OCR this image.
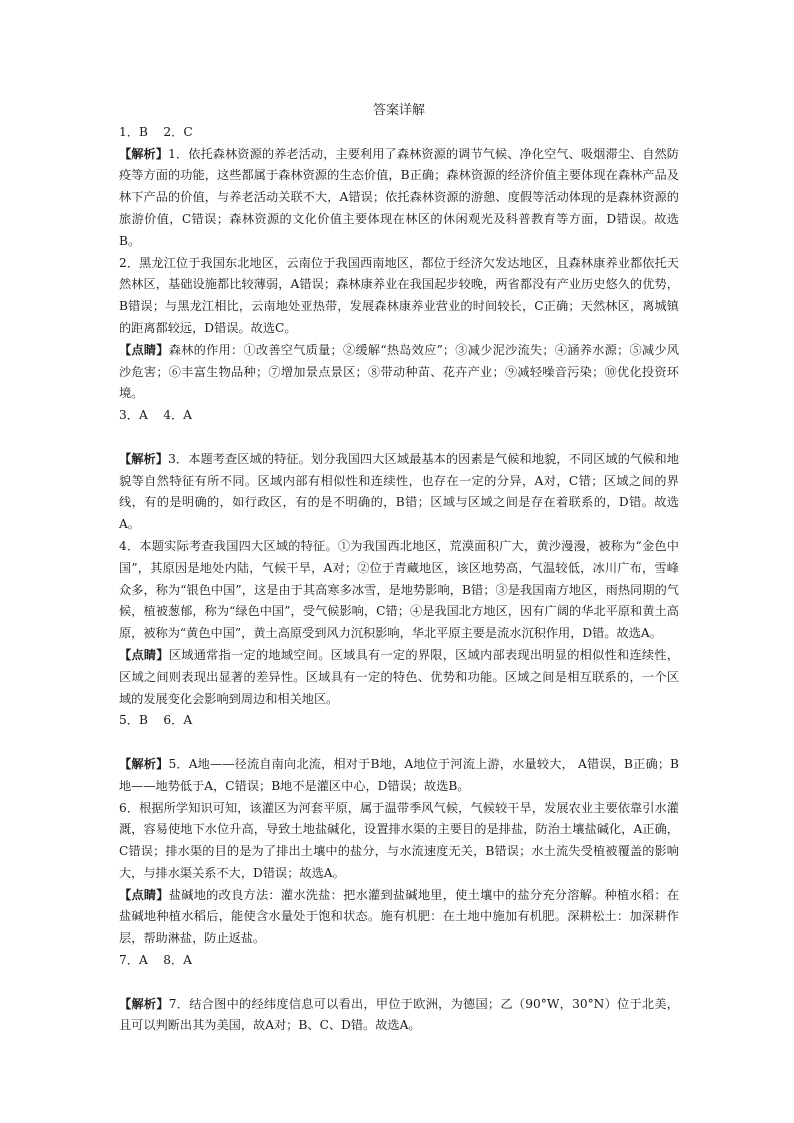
答案详解

1．B    2．C

【解析】1．依托森林资源的养老活动，主要利用了森林资源的调节气候、净化空气、吸烟滞尘、自然防疫等方面的功能，这些都属于森林资源的生态价值，B正确；森林资源的经济价值主要体现在森林产品及林下产品的价值，与养老活动关联不大，A错误；依托森林资源的游憩、度假等活动体现的是森林资源的旅游价值，C错误；森林资源的文化价值主要体现在林区的休闲观光及科普教育等方面，D错误。故选B。

2．黑龙江位于我国东北地区，云南位于我国西南地区，都位于经济欠发达地区，且森林康养业都依托天然林区，基础设施都比较薄弱，A错误；森林康养业在我国起步较晚，两省都没有产业历史悠久的优势，B错误；与黑龙江相比，云南地处亚热带，发展森林康养业营业的时间较长，C正确；天然林区，离城镇的距离都较远，D错误。故选C。

【点睛】森林的作用：①改善空气质量；②缓解“热岛效应”；③减少泥沙流失；④涵养水源；⑤减少风沙危害；⑥丰富生物品种；⑦增加景点景区；⑧带动种苗、花卉产业；⑨减轻噪音污染；⑩优化投资环境。

3．A    4．A

【解析】3．本题考查区域的特征。划分我国四大区域最基本的因素是气候和地貌，不同区域的气候和地貌等自然特征有所不同。区域内部有相似性和连续性，也存在一定的分异，A对，C错；区域之间的界线，有的是明确的，如行政区，有的是不明确的，B错；区域与区域之间是存在着联系的，D错。故选A。

4．本题实际考查我国四大区域的特征。①为我国西北地区，荒漠面积广大，黄沙漫漫，被称为“金色中国”，其原因是地处内陆，气候干旱，A对；②位于青藏地区，该区地势高，气温较低，冰川广布，雪峰众多，称为“银色中国”，这是由于其高寒多冰雪，是地势影响，B错；③是我国南方地区，雨热同期的气候，植被葱郁，称为“绿色中国”，受气候影响，C错；④是我国北方地区，因有广阔的华北平原和黄土高原，被称为“黄色中国”，黄土高原受到风力沉积影响，华北平原主要是流水沉积作用，D错。故选A。

【点睛】区域通常指一定的地域空间。区域具有一定的界限，区域内部表现出明显的相似性和连续性，区域之间则表现出显著的差异性。区域具有一定的特色、优势和功能。区域之间是相互联系的，一个区域的发展变化会影响到周边和相关地区。

5．B    6．A

【解析】5．A地——径流自南向北流，相对于B地，A地位于河流上游，水量较大， A错误，B正确；B地——地势低于A，C错误；B地不是灌区中心，D错误；故选B。

6．根据所学知识可知，该灌区为河套平原，属于温带季风气候，气候较干旱，发展农业主要依靠引水灌溉，容易使地下水位升高，导致土地盐碱化，设置排水渠的主要目的是排盐，防治土壤盐碱化，A正确，C错误；排水渠的目的是为了排出土壤中的盐分，与水流速度无关，B错误；水土流失受植被覆盖的影响大，与排水渠关系不大，D错误；故选A。

【点睛】盐碱地的改良方法：灌水洗盐：把水灌到盐碱地里，使土壤中的盐分充分溶解。种植水稻：在盐碱地种植水稻后，能使含水量处于饱和状态。施有机肥：在土地中施加有机肥。深耕松土：加深耕作层，帮助淋盐，防止返盐。

7．A    8．A

【解析】7．结合图中的经纬度信息可以看出，甲位于欧洲，为德国；乙（90°W，30°N）位于北美，且可以判断出其为美国，故A对；B、C、D错。故选A。
